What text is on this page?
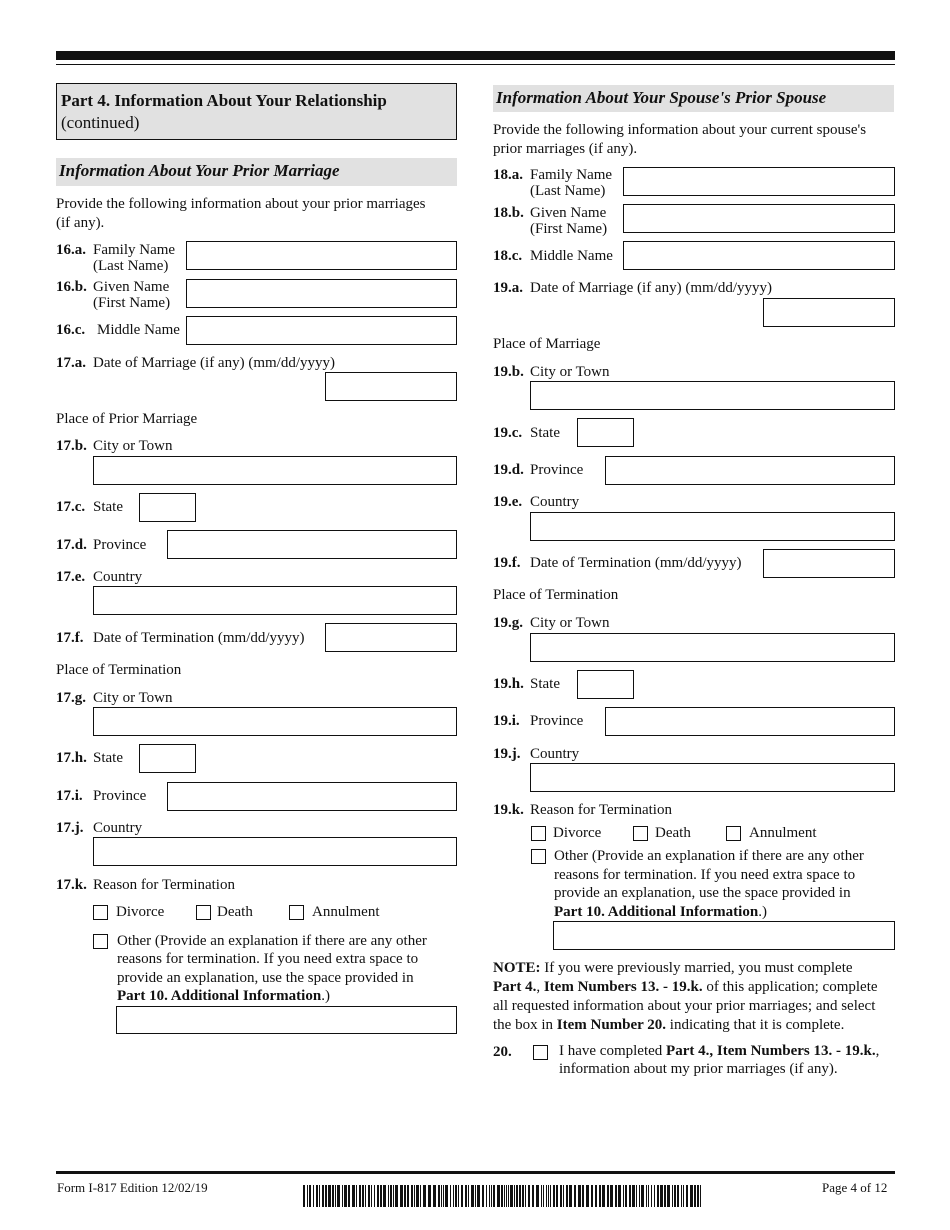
Part 4. Information About Your Relationship
(continued)
Information About Your Prior Marriage
Provide the following information about your prior marriages
(if any).
16.a. Family Name
(Last Name)
16.b. Given Name
(First Name)
16.c. Middle Name
17.a. Date of Marriage (if any) (mm/dd/yyyy)
Place of Prior Marriage
17.b. City or Town
17.c. State
17.d. Province
17.e. Country
17.f. Date of Termination (mm/dd/yyyy)
Place of Termination
17.g. City or Town
17.h. State
17.i. Province
17.j. Country
17.k. Reason for Termination
Divorce	Death	Annulment
Other (Provide an explanation if there are any other
reasons for termination. If you need extra space to
provide an explanation, use the space provided in
Part 10. Additional Information.)
Information About Your Spouse's Prior Spouse
Provide the following information about your current spouse's
prior marriages (if any).
18.a. Family Name
(Last Name)
18.b. Given Name
(First Name)
18.c. Middle Name
19.a. Date of Marriage (if any) (mm/dd/yyyy)
Place of Marriage
19.b. City or Town
19.c. State
19.d. Province
19.e. Country
19.f. Date of Termination (mm/dd/yyyy)
Place of Termination
19.g. City or Town
19.h. State
19.i. Province
19.j. Country
19.k. Reason for Termination
Divorce	Death	Annulment
Other (Provide an explanation if there are any other
reasons for termination. If you need extra space to
provide an explanation, use the space provided in
Part 10. Additional Information.)
NOTE: If you were previously married, you must complete
Part 4., Item Numbers 13. - 19.k. of this application; complete
all requested information about your prior marriages; and select
the box in Item Number 20. indicating that it is complete.
20.	I have completed Part 4., Item Numbers 13. - 19.k.,
information about my prior marriages (if any).
Form I-817 Edition 12/02/19	Page 4 of 12
